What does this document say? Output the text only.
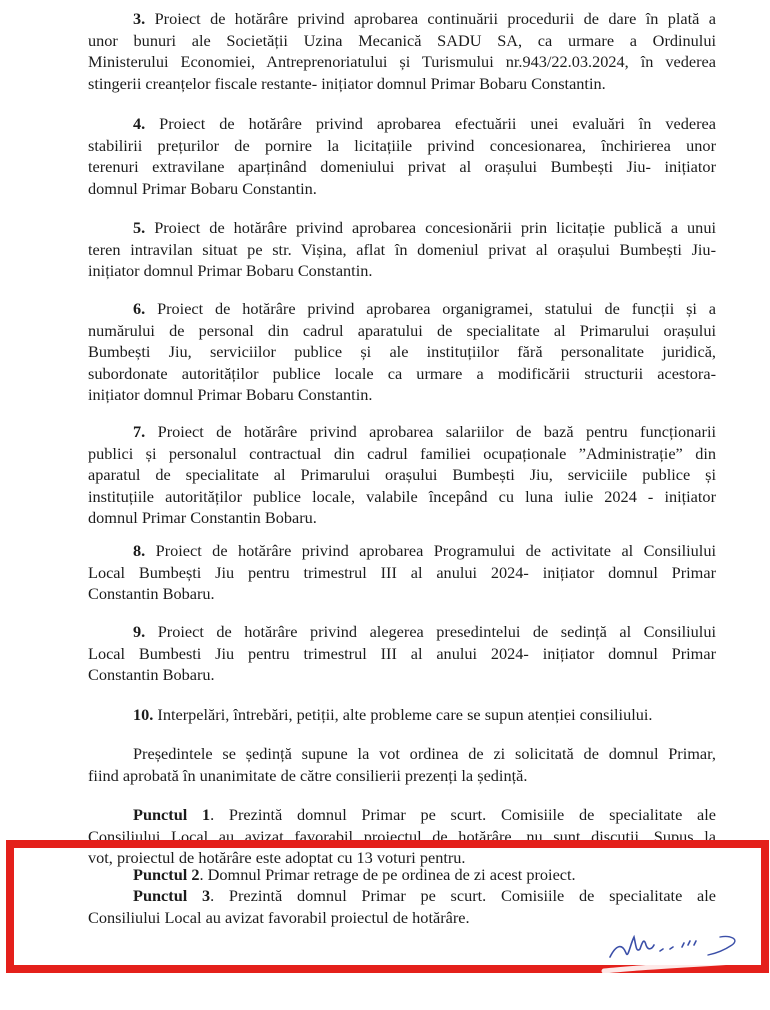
3. Proiect de hotărâre privind aprobarea continuării procedurii de dare în plată a
unor bunuri ale Societății Uzina Mecanică SADU SA, ca urmare a Ordinului
Ministerului Economiei, Antreprenoriatului și Turismului nr.943/22.03.2024, în vederea
stingerii creanțelor fiscale restante- inițiator domnul Primar Bobaru Constantin.
4. Proiect de hotărâre privind aprobarea efectuării unei evaluări în vederea
stabilirii prețurilor de pornire la licitațiile privind concesionarea, închirierea unor
terenuri extravilane aparținând domeniului privat al orașului Bumbești Jiu- inițiator
domnul Primar Bobaru Constantin.
5. Proiect de hotărâre privind aprobarea concesionării prin licitație publică a unui
teren intravilan situat pe str. Vișina, aflat în domeniul privat al orașului Bumbești Jiu-
inițiator domnul Primar Bobaru Constantin.
6. Proiect de hotărâre privind aprobarea organigramei, statului de funcții și a
numărului de personal din cadrul aparatului de specialitate al Primarului orașului
Bumbești Jiu, serviciilor publice și ale instituțiilor fără personalitate juridică,
subordonate autorităților publice locale ca urmare a modificării structurii acestora-
inițiator domnul Primar Bobaru Constantin.
7. Proiect de hotărâre privind aprobarea salariilor de bază pentru funcționarii
publici și personalul contractual din cadrul familiei ocupaționale ”Administrație” din
aparatul de specialitate al Primarului orașului Bumbești Jiu, serviciile publice și
instituțiile autorităților publice locale, valabile începând cu luna iulie 2024 - inițiator
domnul Primar Constantin Bobaru.
8. Proiect de hotărâre privind aprobarea Programului de activitate al Consiliului
Local Bumbești Jiu pentru trimestrul III al anului 2024- inițiator domnul Primar
Constantin Bobaru.
9. Proiect de hotărâre privind alegerea presedintelui de sedință al Consiliului
Local Bumbesti Jiu pentru trimestrul III al anului 2024- inițiator domnul Primar
Constantin Bobaru.
10. Interpelări, întrebări, petiții, alte probleme care se supun atenției consiliului.
Președintele se ședință supune la vot ordinea de zi solicitată de domnul Primar,
fiind aprobată în unanimitate de către consilierii prezenți la ședință.
Punctul 1. Prezintă domnul Primar pe scurt. Comisiile de specialitate ale
Consiliului Local au avizat favorabil proiectul de hotărâre, nu sunt discuții. Supus la
vot, proiectul de hotărâre este adoptat cu 13 voturi pentru.
Punctul 2. Domnul Primar retrage de pe ordinea de zi acest proiect.
Punctul 3. Prezintă domnul Primar pe scurt. Comisiile de specialitate ale
Consiliului Local au avizat favorabil proiectul de hotărâre.
